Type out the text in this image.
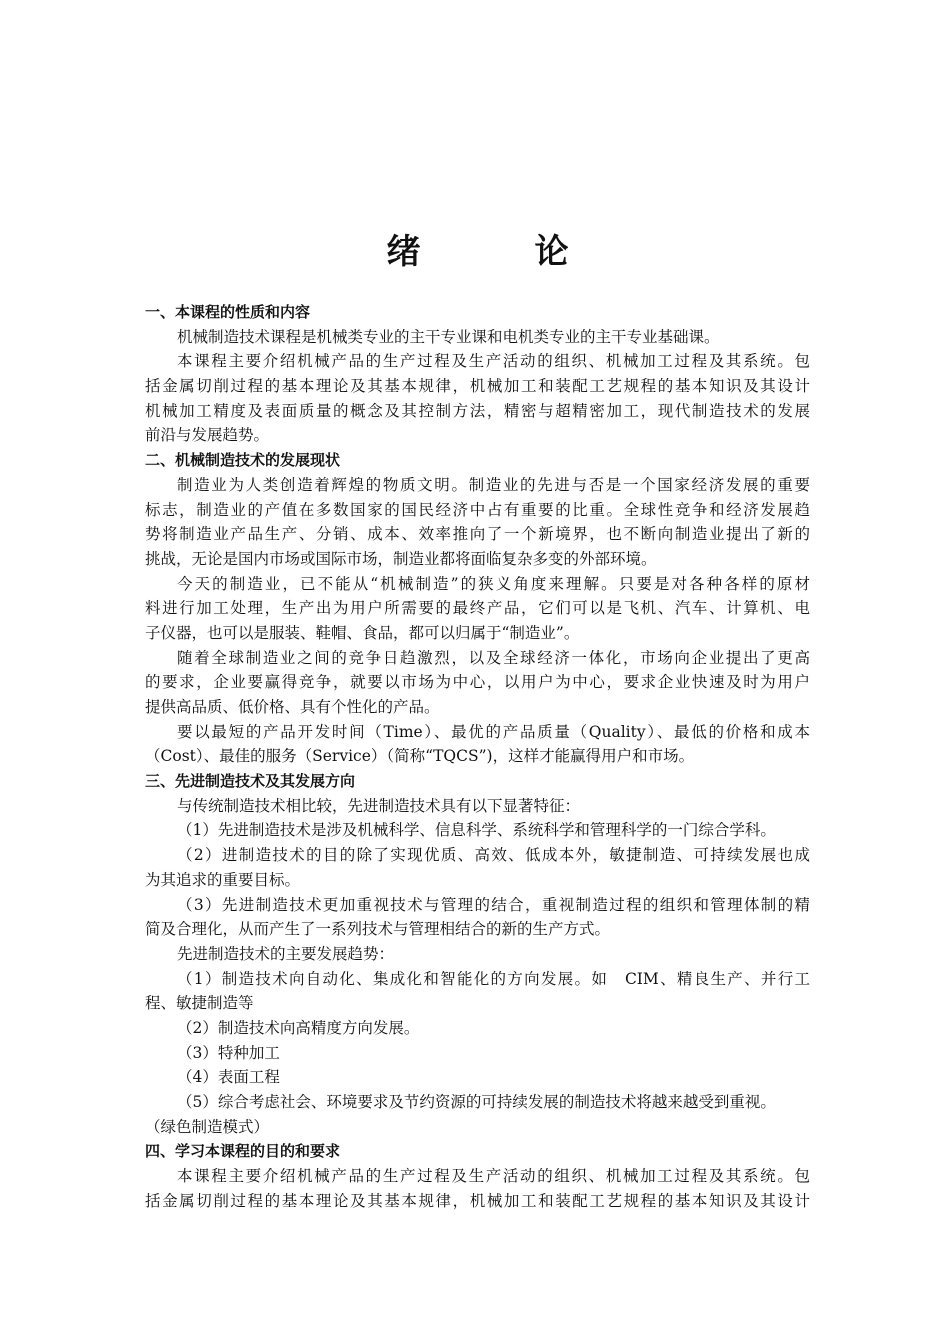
绪　论
一、本课程的性质和内容
机械制造技术课程是机械类专业的主干专业课和电机类专业的主干专业基础课。
本课程主要介绍机械产品的生产过程及生产活动的组织、机械加工过程及其系统。包
括金属切削过程的基本理论及其基本规律，机械加工和装配工艺规程的基本知识及其设计
机械加工精度及表面质量的概念及其控制方法，精密与超精密加工，现代制造技术的发展
前沿与发展趋势。
二、机械制造技术的发展现状
制造业为人类创造着辉煌的物质文明。制造业的先进与否是一个国家经济发展的重要
标志，制造业的产值在多数国家的国民经济中占有重要的比重。全球性竞争和经济发展趋
势将制造业产品生产、分销、成本、效率推向了一个新境界，也不断向制造业提出了新的
挑战，无论是国内市场或国际市场，制造业都将面临复杂多变的外部环境。
今天的制造业，已不能从“机械制造”的狭义角度来理解。只要是对各种各样的原材
料进行加工处理，生产出为用户所需要的最终产品，它们可以是飞机、汽车、计算机、电
子仪器，也可以是服装、鞋帽、食品，都可以归属于“制造业”。
随着全球制造业之间的竞争日趋激烈，以及全球经济一体化，市场向企业提出了更高
的要求，企业要赢得竞争，就要以市场为中心，以用户为中心，要求企业快速及时为用户
提供高品质、低价格、具有个性化的产品。
要以最短的产品开发时间（Time）、最优的产品质量（Quality）、最低的价格和成本
（Cost）、最佳的服务（Service）（简称“TQCS”)，这样才能赢得用户和市场。
三、先进制造技术及其发展方向
与传统制造技术相比较，先进制造技术具有以下显著特征：
（1）先进制造技术是涉及机械科学、信息科学、系统科学和管理科学的一门综合学科。
（2）进制造技术的目的除了实现优质、高效、低成本外，敏捷制造、可持续发展也成
为其追求的重要目标。
（3）先进制造技术更加重视技术与管理的结合，重视制造过程的组织和管理体制的精
简及合理化，从而产生了一系列技术与管理相结合的新的生产方式。
先进制造技术的主要发展趋势：
（1）制造技术向自动化、集成化和智能化的方向发展。如　CIM、精良生产、并行工
程、敏捷制造等
（2）制造技术向高精度方向发展。
（3）特种加工
（4）表面工程
（5）综合考虑社会、环境要求及节约资源的可持续发展的制造技术将越来越受到重视。
（绿色制造模式）
四、学习本课程的目的和要求
本课程主要介绍机械产品的生产过程及生产活动的组织、机械加工过程及其系统。包
括金属切削过程的基本理论及其基本规律，机械加工和装配工艺规程的基本知识及其设计
